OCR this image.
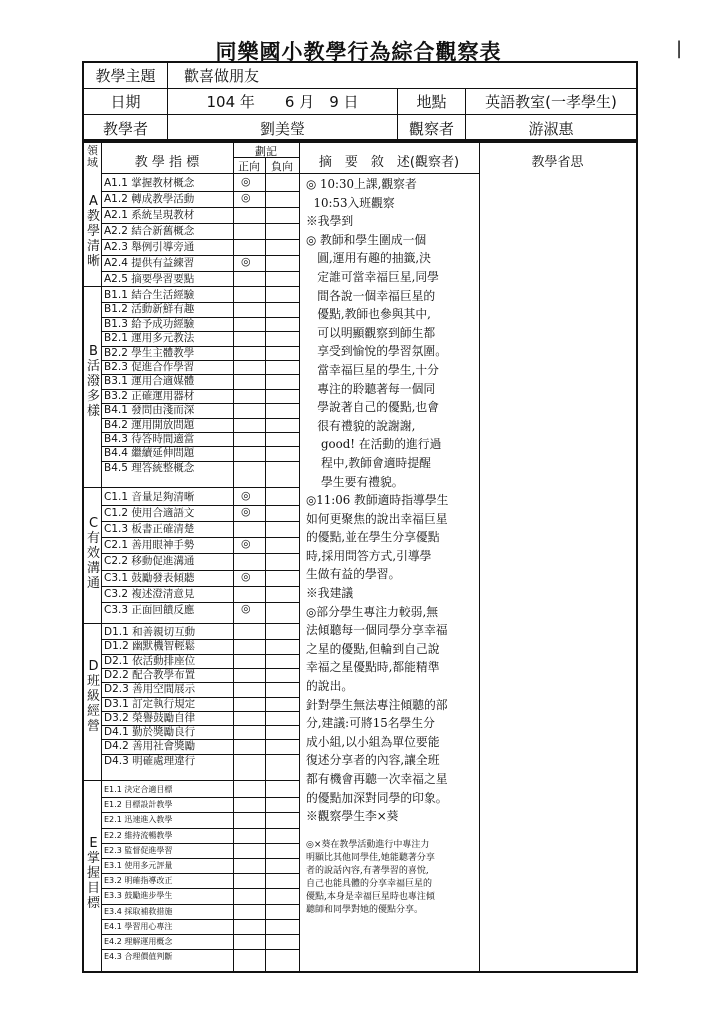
同樂國小教學行為綜合觀察表	|
教學主題	歡喜做朋友
日期	104 年　　6 月　9 日	地點	英語教室(一孝學生)
教學者	劉美瑩	觀察者	游淑惠
領域	教 學 指 標
劃記
正向	負向	摘　要　敘　述(觀察者)	教學省思
A教學清晰
A1.1 掌握教材概念	◎
A1.2 轉成教學活動	◎
A2.1 系統呈現教材
A2.2 結合新舊概念
A2.3 舉例引導旁通
A2.4 提供有益練習	◎
A2.5 摘要學習要點
B活潑多樣
B1.1 結合生活經驗
B1.2 活動新鮮有趣
B1.3 給予成功經驗
B2.1 運用多元教法
B2.2 學生主體教學
B2.3 促進合作學習
B3.1 運用合適媒體
B3.2 正確運用器材
B4.1 發問由淺而深
B4.2 運用開放問題
B4.3 待答時間適當
B4.4 繼續延伸問題
B4.5 理答統整概念
C有效溝通
C1.1 音量足夠清晰	◎
C1.2 使用合適語文	◎
C1.3 板書正確清楚
C2.1 善用眼神手勢	◎
C2.2 移動促進溝通
C3.1 鼓勵發表傾聽	◎
C3.2 複述澄清意見
C3.3 正面回饋反應	◎
D班級經營
D1.1 和善親切互動
D1.2 幽默機智輕鬆
D2.1 依活動排座位
D2.2 配合教學布置
D2.3 善用空間展示
D3.1 訂定執行規定
D3.2 榮譽鼓勵自律
D4.1 勤於獎勵良行
D4.2 善用社會獎勵
D4.3 明確處理違行
E掌握目標
E1.1 決定合適目標
E1.2 目標設計教學
E2.1 迅速進入教學
E2.2 維持流暢教學
E2.3 監督促進學習
E3.1 使用多元評量
E3.2 明確指導改正
E3.3 鼓勵進步學生
E3.4 採取補救措施
E4.1 學習用心專注
E4.2 理解運用概念
E4.3 合理價值判斷
◎ 10:30上課,觀察者
10:53入班觀察
※我學到
◎ 教師和學生圍成一個
圓,運用有趣的抽籤,決
定誰可當幸福巨星,同學
間各說一個幸福巨星的
優點,教師也參與其中,
可以明顯觀察到師生都
享受到愉悅的學習氛圍。
當幸福巨星的學生,十分
專注的聆聽著每一個同
學說著自己的優點,也會
很有禮貌的說謝謝,
good! 在活動的進行過
程中,教師會適時提醒
學生要有禮貌。
◎11:06 教師適時指導學生
如何更聚焦的說出幸福巨星
的優點,並在學生分享優點
時,採用問答方式,引導學
生做有益的學習。
※我建議
◎部分學生專注力較弱,無
法傾聽每一個同學分享幸福
之星的優點,但輪到自己說
幸福之星優點時,都能精準
的說出。
針對學生無法專注傾聽的部
分,建議:可將15名學生分
成小組,以小組為單位要能
復述分享者的內容,讓全班
都有機會再聽一次幸福之星
的優點加深對同學的印象。
※觀察學生李×葵
◎×葵在教學活動進行中專注力
明顯比其他同學佳,她能聽著分享
者的說話內容,有著學習的喜悅,
自己也能具體的分享幸福巨星的
優點,本身是幸福巨星時也專注傾
聽師和同學對她的優點分享。
